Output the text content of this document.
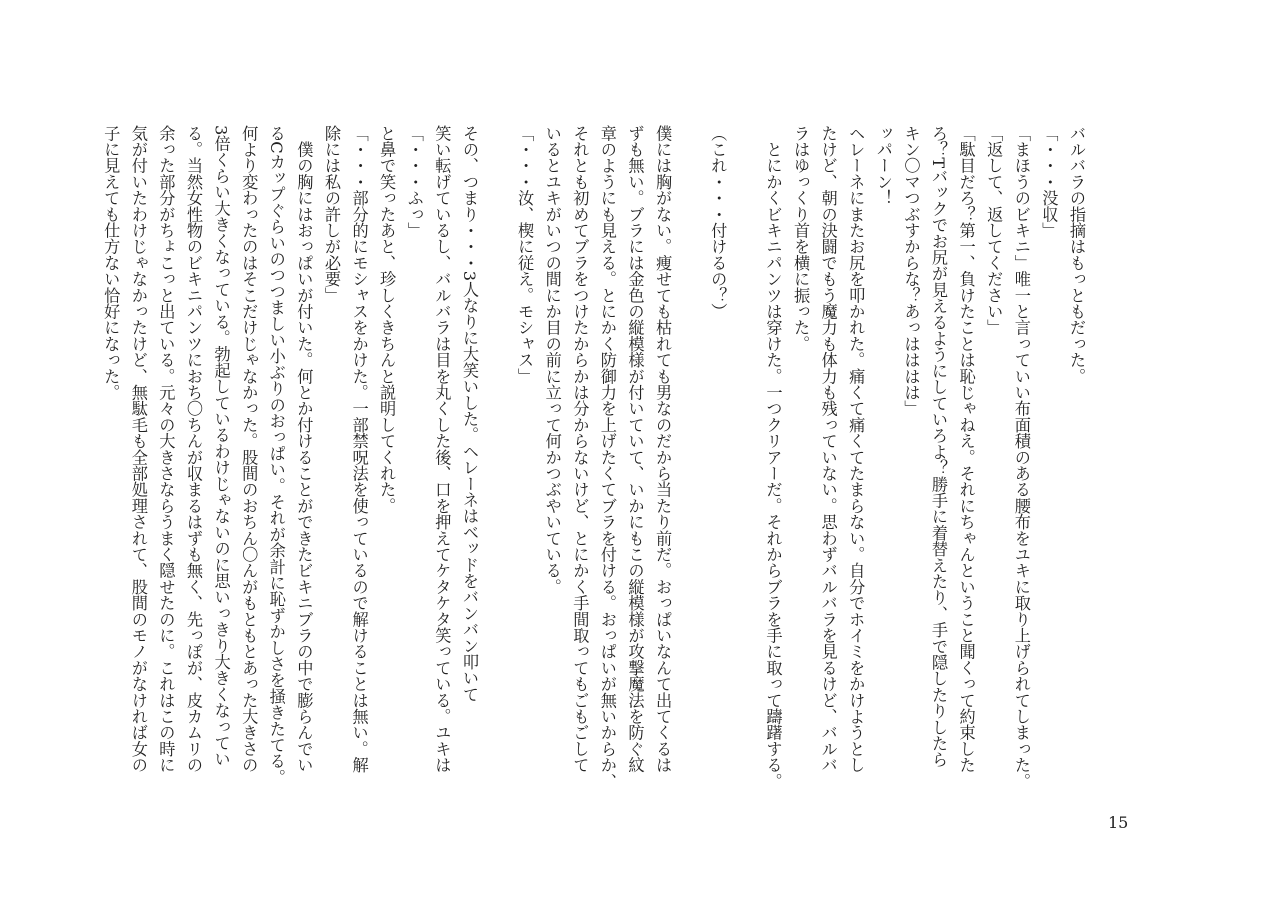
バルバラの指摘はもっともだった。
「・・・没収」
「まほうのビキニ」唯一と言っていい布面積のある腰布をユキに取り上げられてしまった。
「返して、返してください」
「駄目だろ？第一、負けたことは恥じゃねえ。それにちゃんということ聞くって約束した
ろ？Tバックでお尻が見えるようにしていろよ？勝手に着替えたり、手で隠したりしたら
キン〇マつぶすからな？あっはははは」
ッパーン！
ヘレーネにまたお尻を叩かれた。痛くて痛くてたまらない。自分でホイミをかけようとし
たけど、朝の決闘でもう魔力も体力も残っていない。思わずバルバラを見るけど、バルバ
ラはゆっくり首を横に振った。
　とにかくビキニパンツは穿けた。一つクリアーだ。それからブラを手に取って躊躇する。
（これ・・・付けるの？）
僕には胸がない。痩せても枯れても男なのだから当たり前だ。おっぱいなんて出てくるは
ずも無い。ブラには金色の縦模様が付いていて、いかにもこの縦模様が攻撃魔法を防ぐ紋
章のようにも見える。とにかく防御力を上げたくてブラを付ける。おっぱいが無いからか、
それとも初めてブラをつけたからかは分からないけど、とにかく手間取ってもごもごして
いるとユキがいつの間にか目の前に立って何かつぶやいている。
「・・・汝、楔に従え。モシャス」
その、つまり・・・3人なりに大笑いした。ヘレーネはベッドをバンバン叩いて
笑い転げているし、バルバラは目を丸くした後、口を押えてケタケタ笑っている。ユキは
「・・・ふっ」
と鼻で笑ったあと、珍しくきちんと説明してくれた。
「・・・部分的にモシャスをかけた。一部禁呪法を使っているので解けることは無い。解
除には私の許しが必要」
　僕の胸にはおっぱいが付いた。何とか付けることができたビキニブラの中で膨らんでい
るCカップぐらいのつつましい小ぶりのおっぱい。それが余計に恥ずかしさを掻きたてる。
何より変わったのはそこだけじゃなかった。股間のおちん〇んがもともとあった大きさの
3倍くらい大きくなっている。勃起しているわけじゃないのに思いっきり大きくなってい
る。当然女性物のビキニパンツにおち〇ちんが収まるはずも無く、先っぽが、皮カムリの
余った部分がちょこっと出ている。元々の大きさならうまく隠せたのに。これはこの時に
気が付いたわけじゃなかったけど、無駄毛も全部処理されて、股間のモノがなければ女の
子に見えても仕方ない恰好になった。
15
